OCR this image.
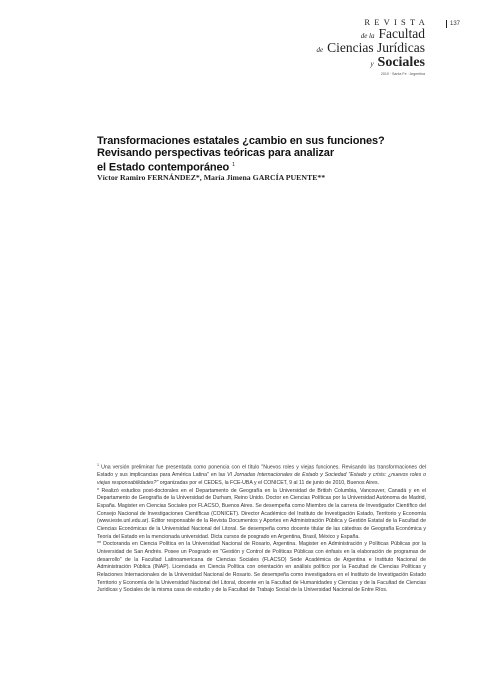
137
REVISTA
de la Facultad
de Ciencias Jurídicas
y Sociales
2010 · Santa Fe · Argentina
Transformaciones estatales ¿cambio en sus funciones?
Revisando perspectivas teóricas para analizar
el Estado contemporáneo $^1$
Víctor Ramiro FERNÁNDEZ*, María Jimena GARCÍA PUENTE**

$^1$ Una versión preliminar fue presentada como ponencia con el título "Nuevos roles y viejas funciones. Revisando las transformaciones del Estado y sus implicancias para América Latina" en las VI Jornadas Internacionales de Estado y Sociedad "Estado y crisis: ¿nuevos roles o viejas responsabilidades?" organizadas por el CEDES, la FCE-UBA y el CONICET, 9 al 11 de junio de 2010, Buenos Aires.

* Realizó estudios post-doctorales en el Departamento de Geografía en la Universidad de British Columbia, Vancouver, Canadá y en el Departamento de Geografía de la Universidad de Durham, Reino Unido. Doctor en Ciencias Políticas por la Universidad Autónoma de Madrid, España. Magister en Ciencias Sociales por FLACSO, Buenos Aires. Se desempeña como Miembro de la carrera de Investigador Científico del Consejo Nacional de Investigaciones Científicas (CONICET). Director Académico del Instituto de Investigación Estado, Territorio y Economía (www.ieste.unl.edu.ar). Editor responsable de la Revista Documentos y Aportes en Administración Pública y Gestión Estatal de la Facultad de Ciencias Económicas de la Universidad Nacional del Litoral. Se desempeña como docente titular de las cátedras de Geografía Económica y Teoría del Estado en la mencionada universidad. Dicta cursos de posgrado en Argentina, Brasil, México y España.

** Doctoranda en Ciencia Política en la Universidad Nacional de Rosario, Argentina. Magister en Administración y Políticas Públicas por la Universidad de San Andrés. Posee un Posgrado en "Gestión y Control de Políticas Públicas con énfasis en la elaboración de programas de desarrollo" de la Facultad Latinoamericana de Ciencias Sociales (FLACSO) Sede Académica de Argentina e Instituto Nacional de Administración Pública (INAP). Licenciada en Ciencia Política con orientación en análisis político por la Facultad de Ciencias Políticas y Relaciones Internacionales de la Universidad Nacional de Rosario. Se desempeña como investigadora en el Instituto de Investigación Estado Territorio y Economía de la Universidad Nacional del Litoral, docente en la Facultad de Humanidades y Ciencias y de la Facultad de Ciencias Jurídicas y Sociales de la misma casa de estudio y de la Facultad de Trabajo Social de la Universidad Nacional de Entre Ríos.
